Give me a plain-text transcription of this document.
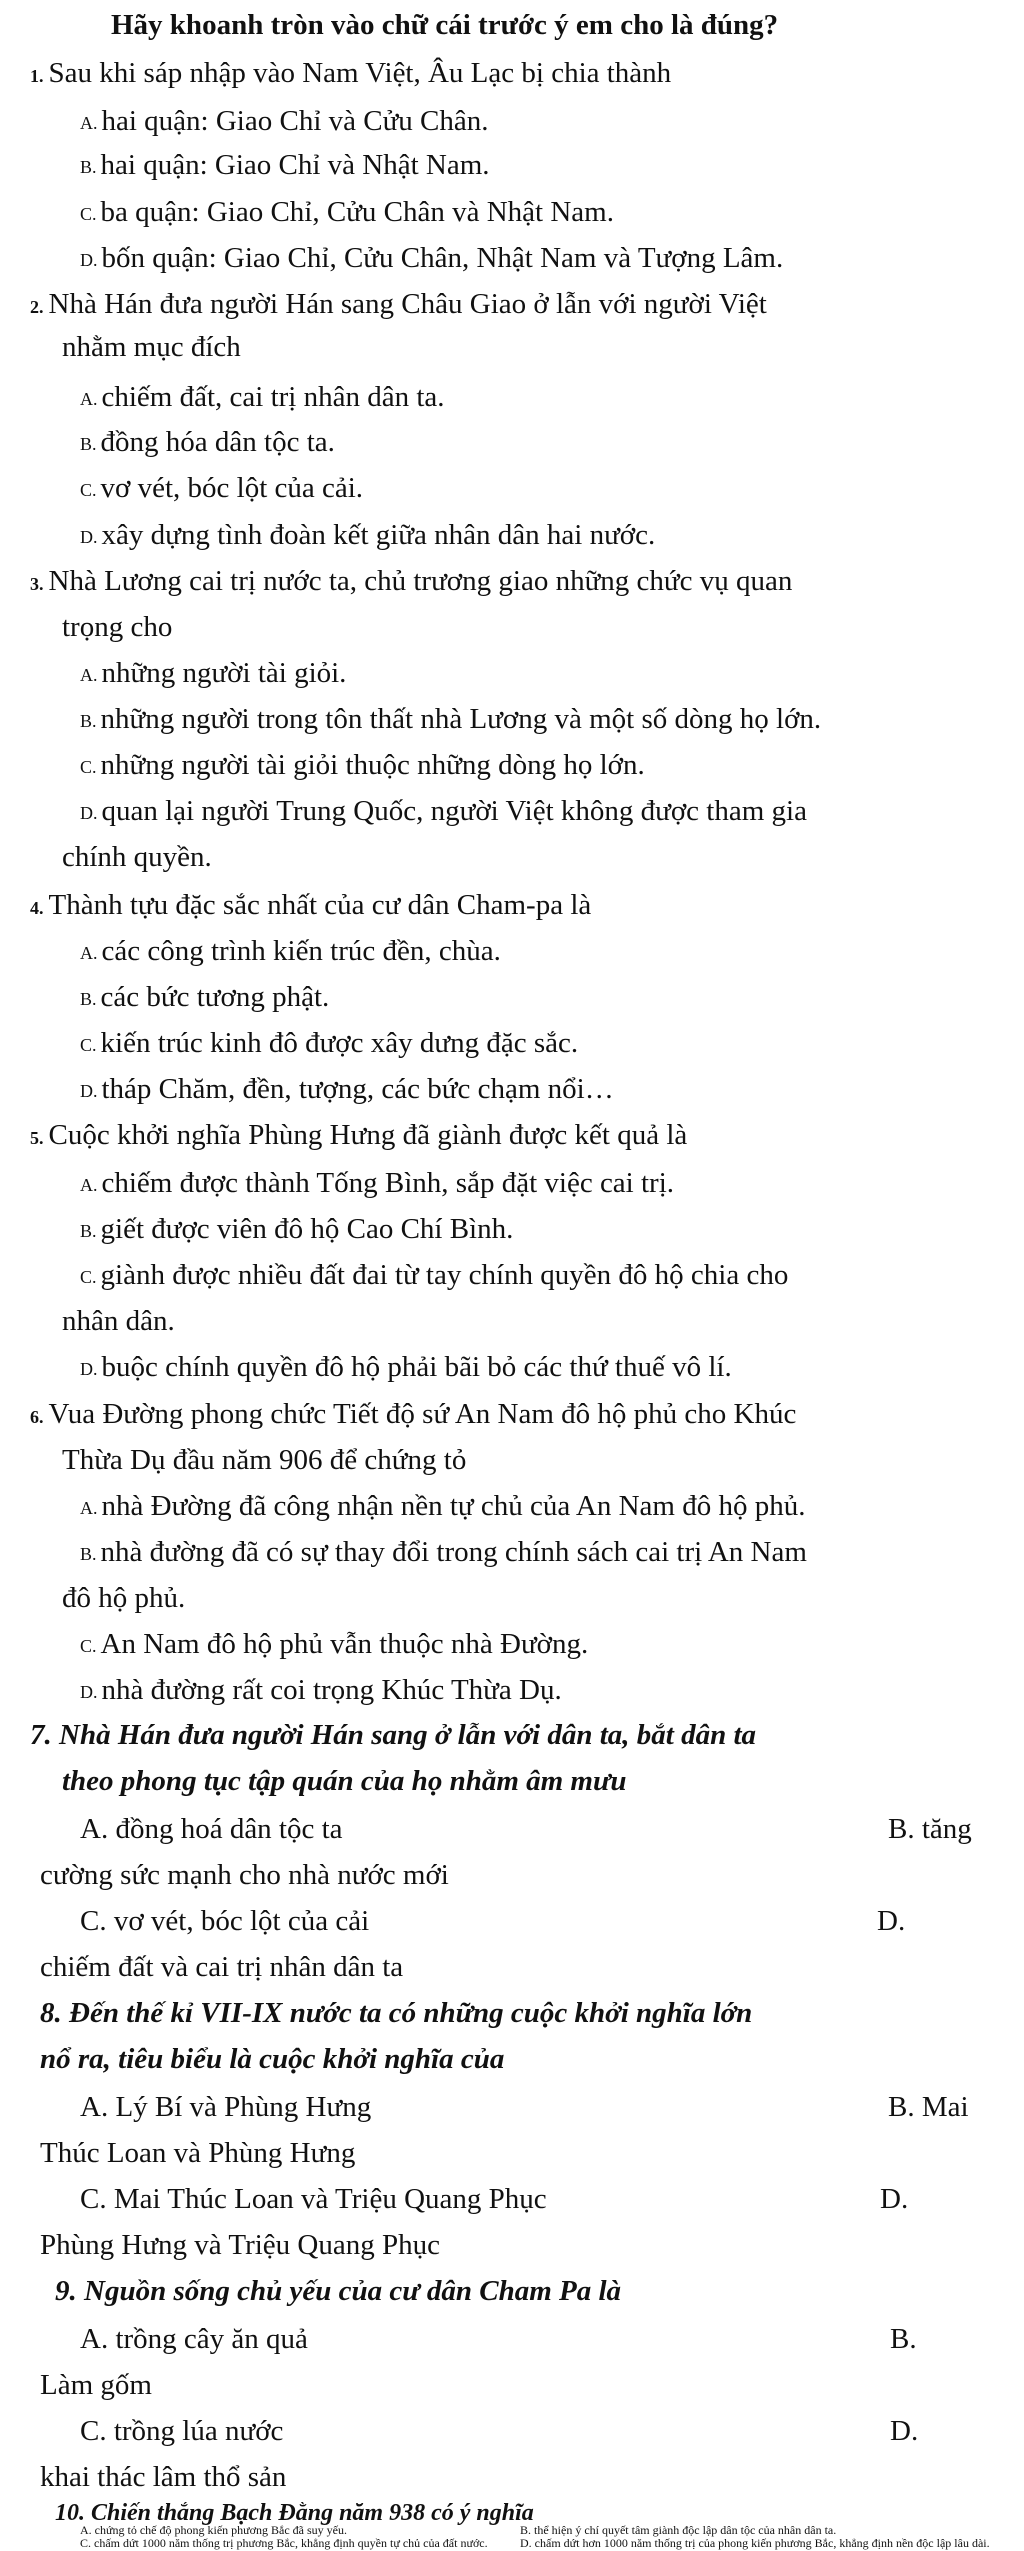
Hãy khoanh tròn vào chữ cái trước ý em cho là đúng?
1. Sau khi sáp nhập vào Nam Việt, Âu Lạc bị chia thành
A. hai quận: Giao Chỉ và Cửu Chân.
B. hai quận: Giao Chỉ và Nhật Nam.
C. ba quận: Giao Chỉ, Cửu Chân và Nhật Nam.
D. bốn quận: Giao Chỉ, Cửu Chân, Nhật Nam và Tượng Lâm.
2. Nhà Hán đưa người Hán sang Châu Giao ở lẫn với người Việt
nhằm mục đích
A. chiếm đất, cai trị nhân dân ta.
B. đồng hóa dân tộc ta.
C. vơ vét, bóc lột của cải.
D. xây dựng tình đoàn kết giữa nhân dân hai nước.
3. Nhà Lương cai trị nước ta, chủ trương giao những chức vụ quan
trọng cho
A. những người tài giỏi.
B. những người trong tôn thất nhà Lương và một số dòng họ lớn.
C. những người tài giỏi thuộc những dòng họ lớn.
D. quan lại người Trung Quốc, người Việt không được tham gia
chính quyền.
4. Thành tựu đặc sắc nhất của cư dân Cham-pa là
A. các công trình kiến trúc đền, chùa.
B. các bức tương phật.
C. kiến trúc kinh đô được xây dưng đặc sắc.
D. tháp Chăm, đền, tượng, các bức chạm nổi…
5. Cuộc khởi nghĩa Phùng Hưng đã giành được kết quả là
A. chiếm được thành Tống Bình, sắp đặt việc cai trị.
B. giết được viên đô hộ Cao Chí Bình.
C. giành được nhiều đất đai từ tay chính quyền đô hộ chia cho
nhân dân.
D. buộc chính quyền đô hộ phải bãi bỏ các thứ thuế vô lí.
6. Vua Đường phong chức Tiết độ sứ An Nam đô hộ phủ cho Khúc
Thừa Dụ đầu năm 906 để chứng tỏ
A. nhà Đường đã công nhận nền tự chủ của An Nam đô hộ phủ.
B. nhà đường đã có sự thay đổi trong chính sách cai trị An Nam
đô hộ phủ.
C. An Nam đô hộ phủ vẫn thuộc nhà Đường.
D. nhà đường rất coi trọng Khúc Thừa Dụ.
7. Nhà Hán đưa người Hán sang ở lẫn với dân ta, bắt dân ta
theo phong tục tập quán của họ nhằm âm mưu
A. đồng hoá dân tộc ta	B. tăng
cường sức mạnh cho nhà nước mới
C. vơ vét, bóc lột của cải	D.
chiếm đất và cai trị nhân dân ta
8. Đến thế kỉ VII-IX nước ta có những cuộc khởi nghĩa lớn
nổ ra, tiêu biểu là cuộc khởi nghĩa của
A. Lý Bí và Phùng Hưng	B. Mai
Thúc Loan và Phùng Hưng
C. Mai Thúc Loan và Triệu Quang Phục	D.
Phùng Hưng và Triệu Quang Phục
9. Nguồn sống chủ yếu của cư dân Cham Pa là
A. trồng cây ăn quả	B.
Làm gốm
C. trồng lúa nước	D.
khai thác lâm thổ sản
10. Chiến thắng Bạch Đằng năm 938 có ý nghĩa
A. chứng tỏ chế độ phong kiến phương Bắc đã suy yếu.	B. thể hiện ý chí quyết tâm giành độc lập dân tộc của nhân dân ta.
C. chấm dứt 1000 năm thống trị phương Bắc, khẳng định quyền tự chủ của đất nước.	D. chấm dứt hơn 1000 năm thống trị của phong kiến phương Bắc, khẳng định nền độc lập lâu dài.
